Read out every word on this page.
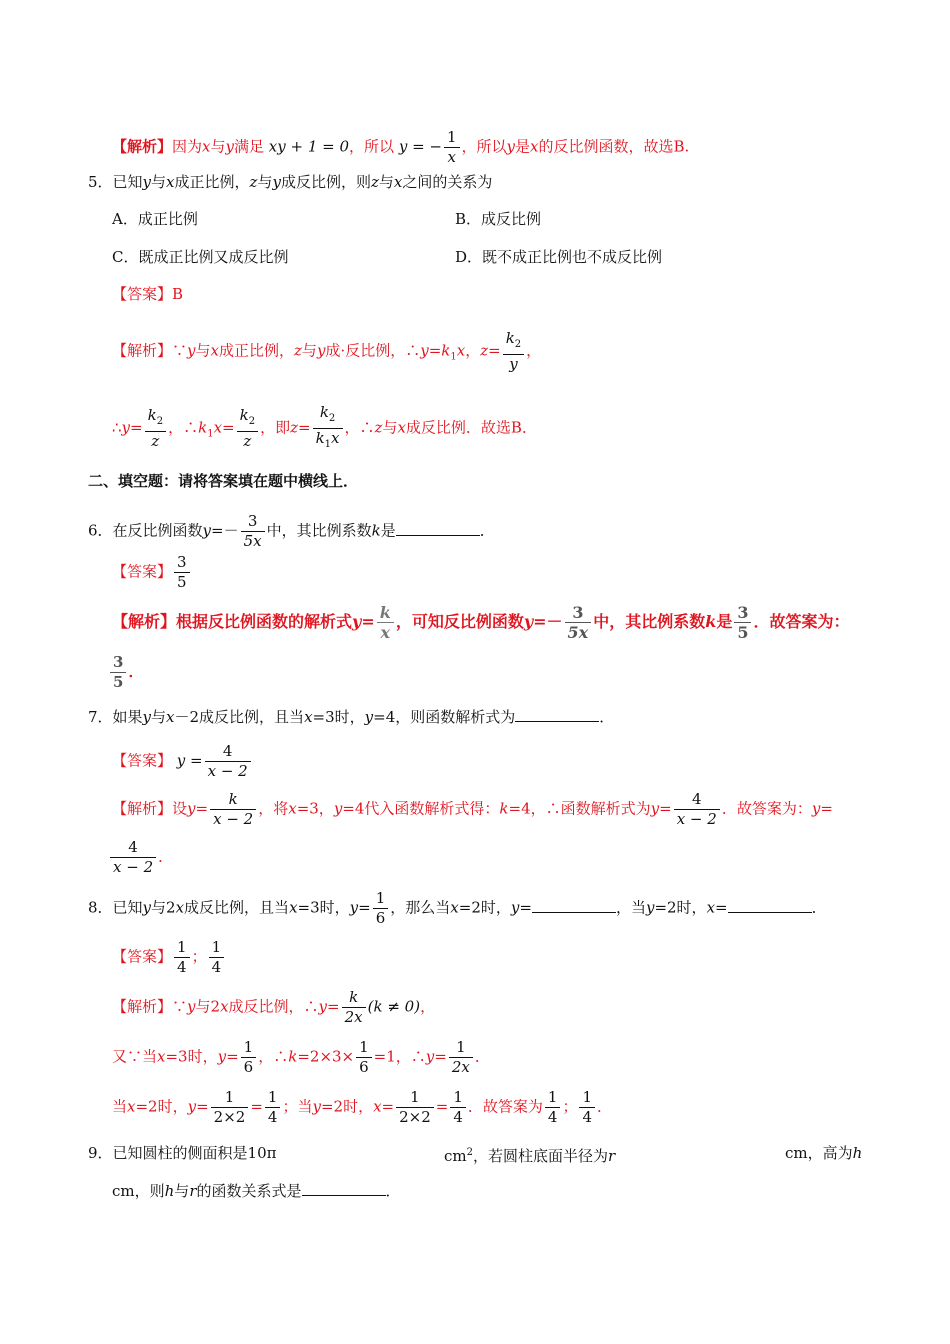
【解析】因为x与y满足 xy + 1 = 0，所以 y = − $\frac{1}{x}$ ，所以y是x的反比例函数，故选B.
5．已知y与x成正比例，z与y成反比例，则z与x之间的关系为
A．成正比例	B．成反比例
C．既成正比例又成反比例	D．既不成正比例也不成反比例
【答案】B
【解析】∵y与x成正比例，z与y成·反比例，$\therefore y=k_1x$，$z= \frac{k_2}{y}$ ，
∴y= $\frac{k_2}{z}$ ，$\therefore k_1x= \frac{k_2}{z}$ ，即$z= \frac{k_2}{k_1x}$ ，∴z与x成反比例．故选B．
二、填空题：请将答案填在题中横线上．
6．在反比例函数$y=- \frac{3}{5x}$ 中，其比例系数k是	．
【答案】 $\frac{3}{5}$
【解析】根据反比例函数的解析式$y= \frac{k}{x}$ ，可知反比例函数$y=- \frac{3}{5x}$ 中，其比例系数k是 $\frac{3}{5}$ ．故答案为：
$\frac{3}{5}$ ．
7．如果y与x－2成反比例，且当x=3时，y=4，则函数解析式为	．
【答案】 $y = \frac{4}{x - 2}$
【解析】设$y= \frac{k}{x - 2}$ ，将x=3，y=4代入函数解析式得：k=4，∴函数解析式为$y= \frac{4}{x - 2}$ ．故答案为：y=
$\frac{4}{x - 2}$ ．
8．已知y与2x成反比例，且当x=3时，$y= \frac{1}{6}$ ，那么当x=2时，y=	，当y=2时，x=	．
【答案】 $\frac{1}{4}$ ； $\frac{1}{4}$
【解析】∵y与2x成反比例，∴y= $\frac{k}{2x} (k \ne 0)$，
又∵当x=3时，$y= \frac{1}{6}$ ，∴k=2×3× $\frac{1}{6} =1$，∴y= $\frac{1}{2x}$ ．
当x=2时，$y= \frac{1}{2\times 2} = \frac{1}{4}$ ；当y=2时，$x= \frac{1}{2\times 2} = \frac{1}{4}$ ．故答案为 $\frac{1}{4}$ ； $\frac{1}{4}$ ．
9．已知圆柱的侧面积是10π	$cm^2$，若圆柱底面半径为r	cm，高为h
cm，则h与r的函数关系式是	．
